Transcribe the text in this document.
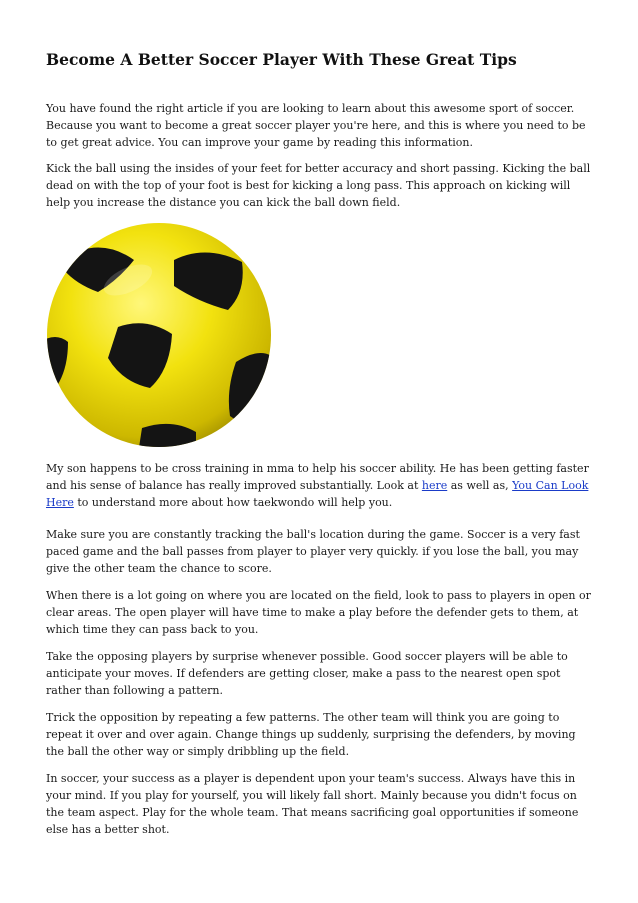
Become A Better Soccer Player With These Great Tips

You have found the right article if you are looking to learn about this awesome sport of soccer. Because you want to become a great soccer player you're here, and this is where you need to be to get great advice. You can improve your game by reading this information.

Kick the ball using the insides of your feet for better accuracy and short passing. Kicking the ball dead on with the top of your foot is best for kicking a long pass. This approach on kicking will help you increase the distance you can kick the ball down field.

My son happens to be cross training in mma to help his soccer ability. He has been getting faster and his sense of balance has really improved substantially. Look at here as well as, You Can Look Here to understand more about how taekwondo will help you.

Make sure you are constantly tracking the ball's location during the game. Soccer is a very fast paced game and the ball passes from player to player very quickly. if you lose the ball, you may give the other team the chance to score.

When there is a lot going on where you are located on the field, look to pass to players in open or clear areas. The open player will have time to make a play before the defender gets to them, at which time they can pass back to you.

Take the opposing players by surprise whenever possible. Good soccer players will be able to anticipate your moves. If defenders are getting closer, make a pass to the nearest open spot rather than following a pattern.

Trick the opposition by repeating a few patterns. The other team will think you are going to repeat it over and over again. Change things up suddenly, surprising the defenders, by moving the ball the other way or simply dribbling up the field.

In soccer, your success as a player is dependent upon your team's success. Always have this in your mind. If you play for yourself, you will likely fall short. Mainly because you didn't focus on the team aspect. Play for the whole team. That means sacrificing goal opportunities if someone else has a better shot.
